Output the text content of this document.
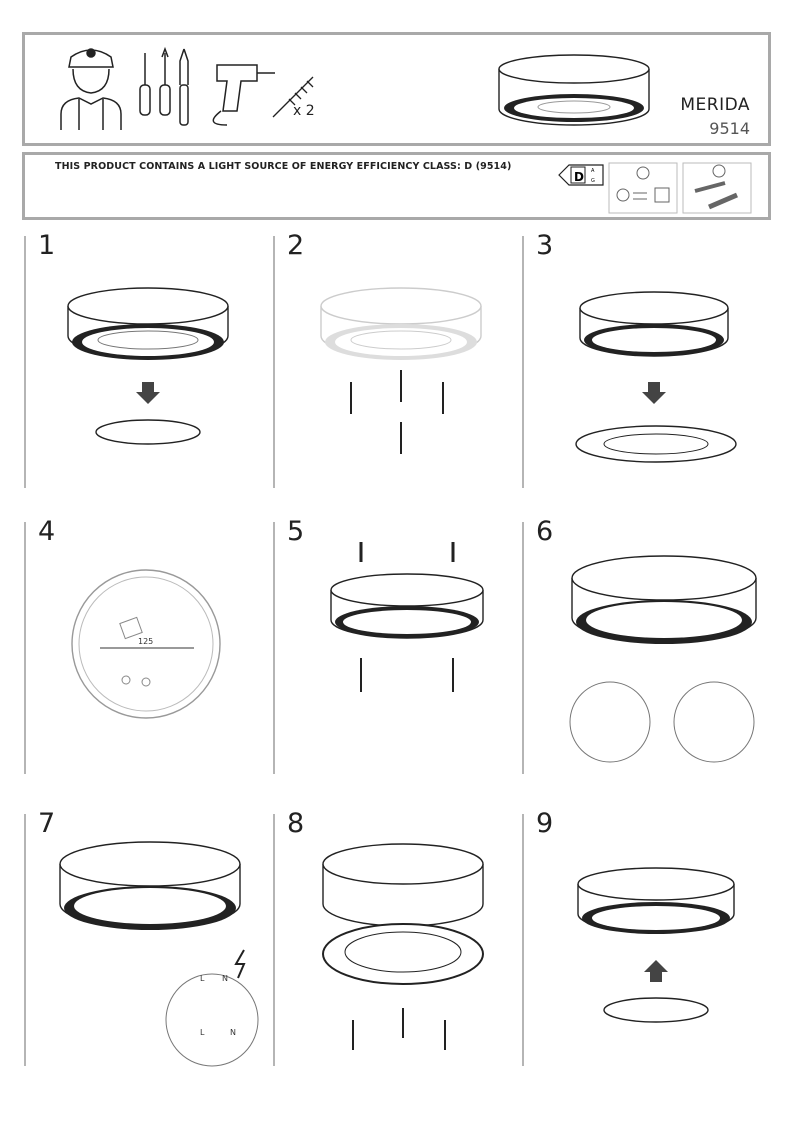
x 2	MERIDA
9514
THIS PRODUCT CONTAINS A LIGHT SOURCE OF ENERGY EFFICIENCY CLASS: D (9514)	A
G
D
1	2	3
4
125
5	6
7
L N
L	N
8	9
